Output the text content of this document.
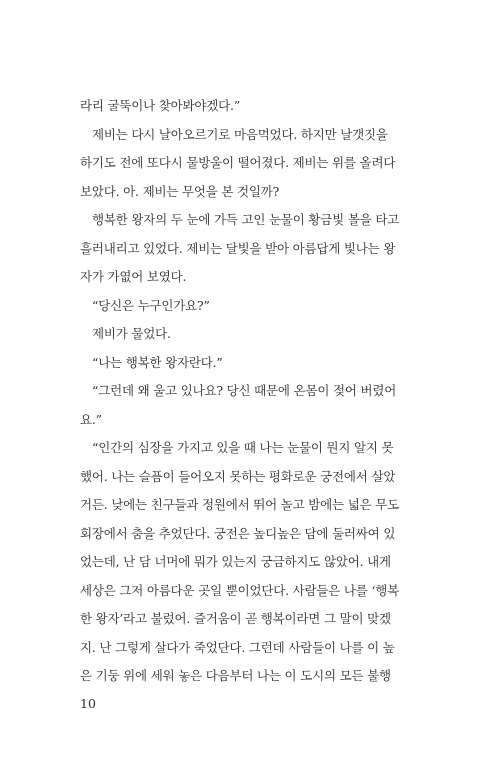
라리 굴뚝이나 찾아봐야겠다.”
제비는 다시 날아오르기로 마음먹었다. 하지만 날갯짓을
하기도 전에 또다시 물방울이 떨어졌다. 제비는 위를 올려다
보았다. 아. 제비는 무엇을 본 것일까?
행복한 왕자의 두 눈에 가득 고인 눈물이 황금빛 볼을 타고
흘러내리고 있었다. 제비는 달빛을 받아 아름답게 빛나는 왕
자가 가엾어 보였다.
“당신은 누구인가요?”
제비가 물었다.
“나는 행복한 왕자란다.”
“그런데 왜 울고 있나요? 당신 때문에 온몸이 젖어 버렸어
요.”
“인간의 심장을 가지고 있을 때 나는 눈물이 뭔지 알지 못
했어. 나는 슬픔이 들어오지 못하는 평화로운 궁전에서 살았
거든. 낮에는 친구들과 정원에서 뛰어 놀고 밤에는 넓은 무도
회장에서 춤을 추었단다. 궁전은 높디높은 담에 둘러싸여 있
었는데, 난 담 너머에 뭐가 있는지 궁금하지도 않았어. 내게
세상은 그저 아름다운 곳일 뿐이었단다. 사람들은 나를 ‘행복
한 왕자’라고 불렀어. 즐거움이 곧 행복이라면 그 말이 맞겠
지. 난 그렇게 살다가 죽었단다. 그런데 사람들이 나를 이 높
은 기둥 위에 세워 놓은 다음부터 나는 이 도시의 모든 불행
10
